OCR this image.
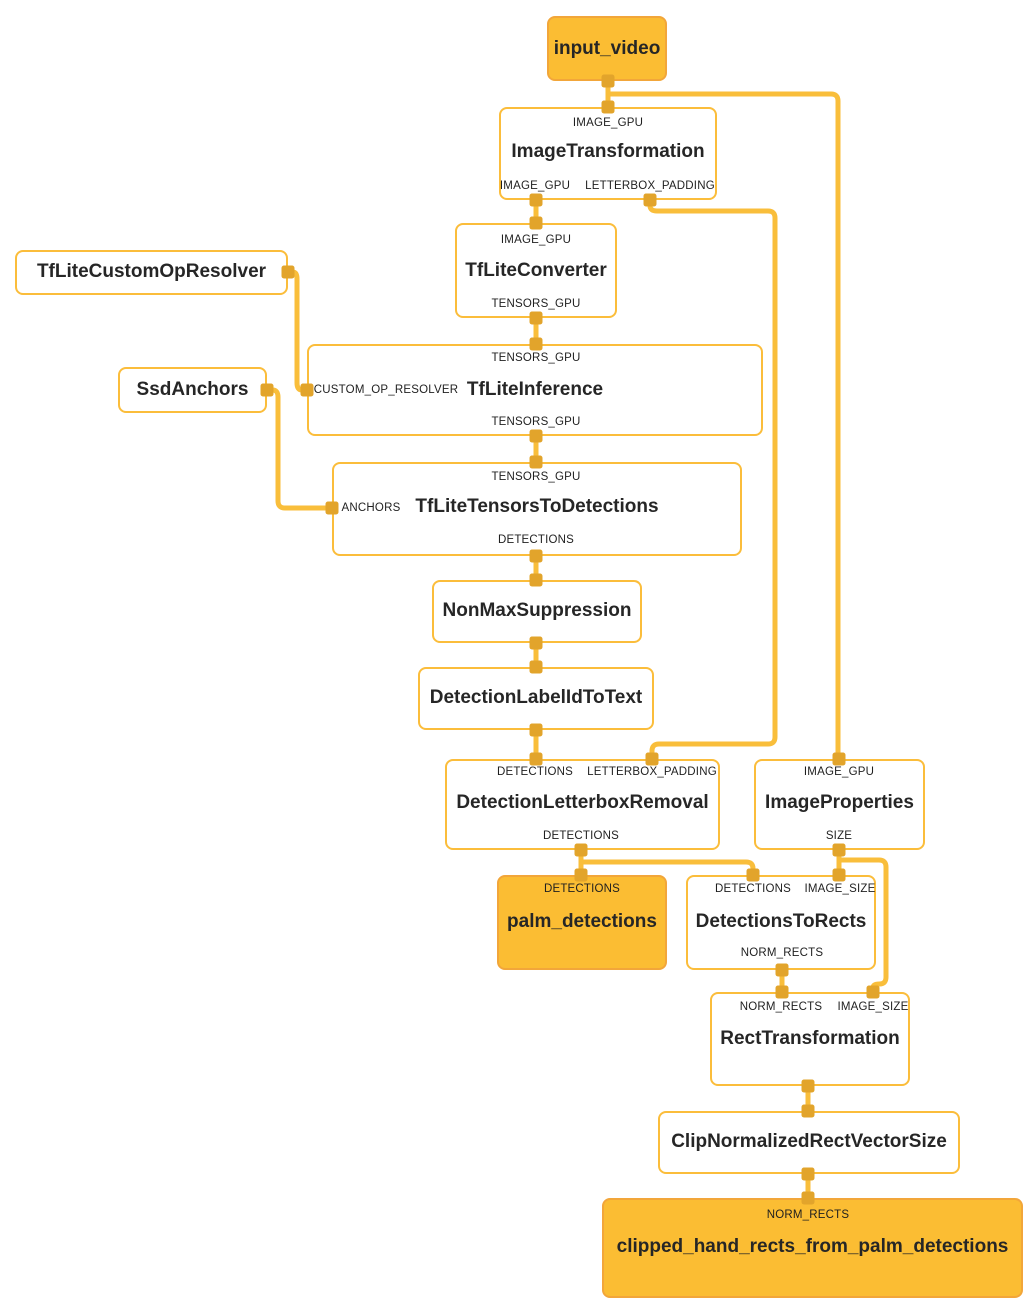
input_video
ImageTransformation
IMAGE_GPU
IMAGE_GPU LETTERBOX_PADDING
TfLiteConverter
IMAGE_GPU
TENSORS_GPU
TfLiteCustomOpResolver
SsdAnchors	TfLiteInference
TENSORS_GPU
CUSTOM_OP_RESOLVER
TENSORS_GPU
TfLiteTensorsToDetections
TENSORS_GPU
ANCHORS
DETECTIONS
NonMaxSuppression
DetectionLabelIdToText
DetectionLetterboxRemoval
DETECTIONS LETTERBOX_PADDING
DETECTIONS
ImageProperties
IMAGE_GPU
SIZE
palm_detections
DETECTIONS
DetectionsToRects
DETECTIONS IMAGE_SIZE
NORM_RECTS
RectTransformation
NORM_RECTS IMAGE_SIZE
ClipNormalizedRectVectorSize
clipped_hand_rects_from_palm_detections
NORM_RECTS
